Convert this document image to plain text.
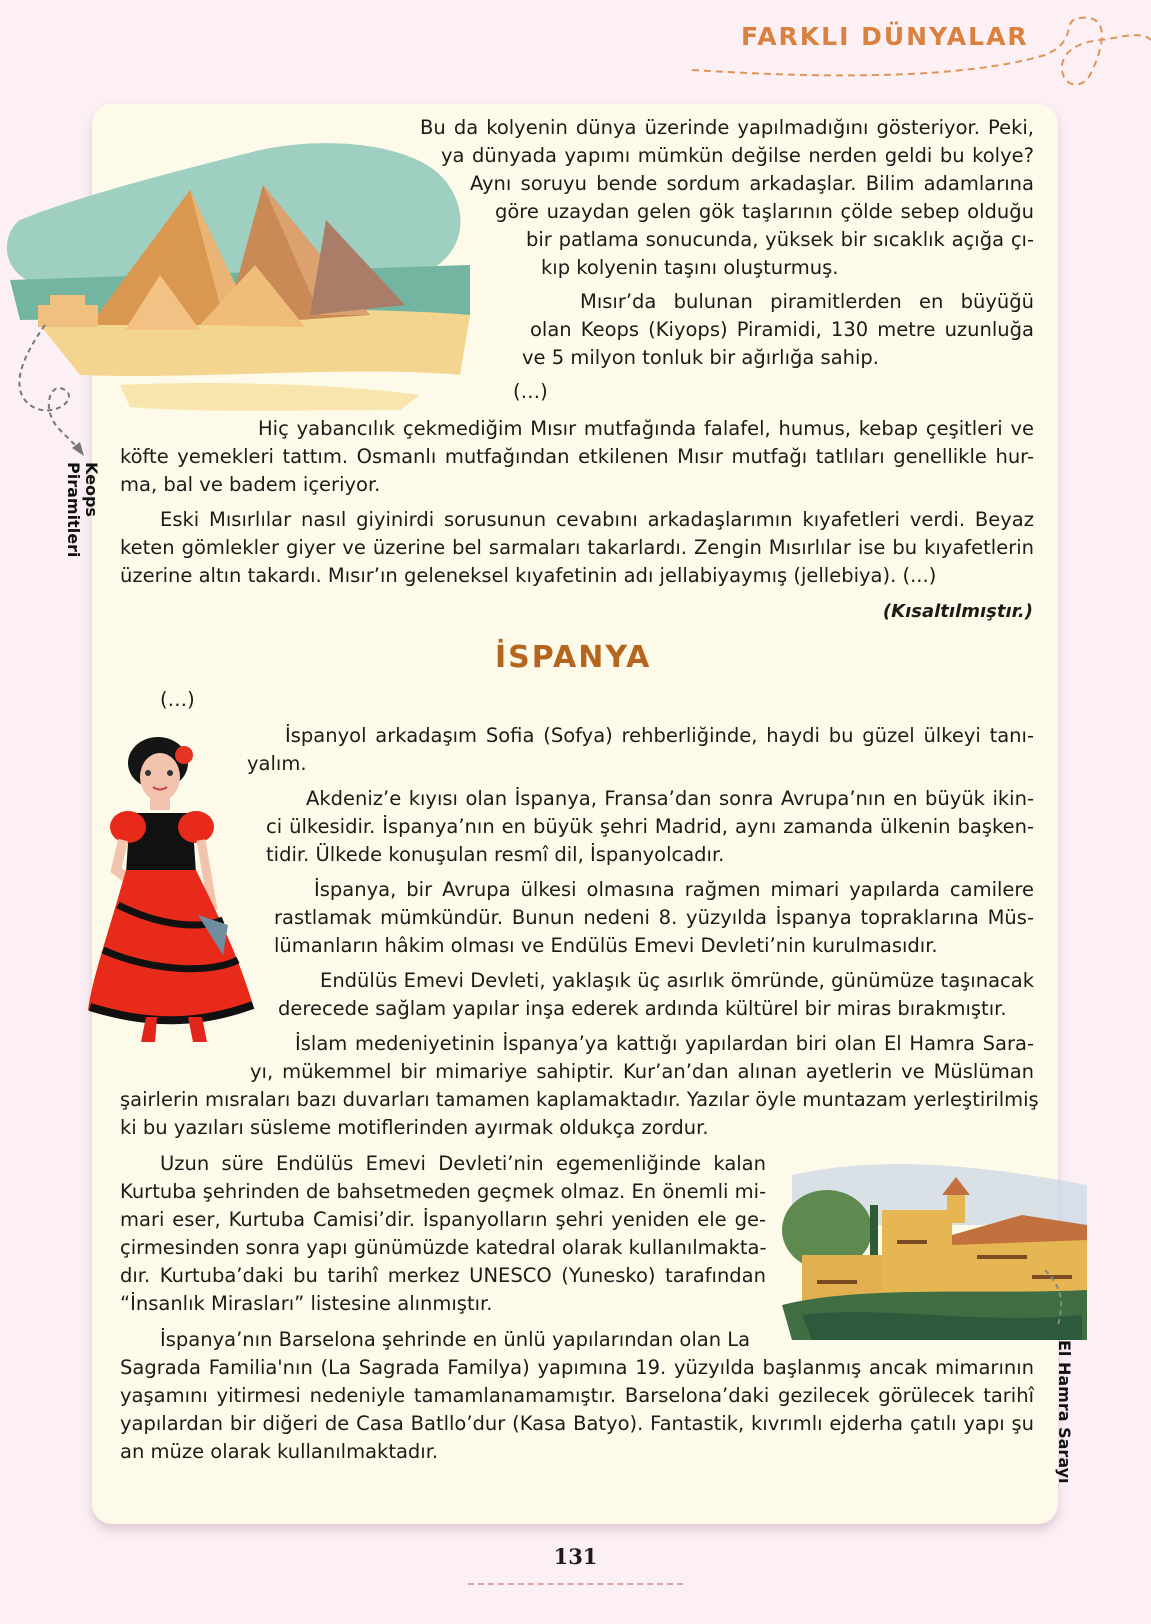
FARKLI DÜNYALAR
Keops
Piramitleri
Bu da kolyenin dünya üzerinde yapılmadığını gösteriyor. Peki,
ya dünyada yapımı mümkün değilse nerden geldi bu kolye?
Aynı soruyu bende sordum arkadaşlar. Bilim adamlarına
göre uzaydan gelen gök taşlarının çölde sebep olduğu
bir patlama sonucunda, yüksek bir sıcaklık açığa çı-
kıp kolyenin taşını oluşturmuş.
Mısır’da bulunan piramitlerden en büyüğü
olan Keops (Kiyops) Piramidi, 130 metre uzunluğa
ve 5 milyon tonluk bir ağırlığa sahip.
(…)
Hiç yabancılık çekmediğim Mısır mutfağında falafel, humus, kebap çeşitleri ve
köfte yemekleri tattım. Osmanlı mutfağından etkilenen Mısır mutfağı tatlıları genellikle hur-
ma, bal ve badem içeriyor.
Eski Mısırlılar nasıl giyinirdi sorusunun cevabını arkadaşlarımın kıyafetleri verdi. Beyaz
keten gömlekler giyer ve üzerine bel sarmaları takarlardı. Zengin Mısırlılar ise bu kıyafetlerin
üzerine altın takardı. Mısır’ın geleneksel kıyafetinin adı jellabiyaymış (jellebiya). (...)
(Kısaltılmıştır.)
İSPANYA
(…)
İspanyol arkadaşım Sofia (Sofya) rehberliğinde, haydi bu güzel ülkeyi tanı-
yalım.
Akdeniz’e kıyısı olan İspanya, Fransa’dan sonra Avrupa’nın en büyük ikin-
ci ülkesidir. İspanya’nın en büyük şehri Madrid, aynı zamanda ülkenin başken-
tidir. Ülkede konuşulan resmî dil, İspanyolcadır.
İspanya, bir Avrupa ülkesi olmasına rağmen mimari yapılarda camilere
rastlamak mümkündür. Bunun nedeni 8. yüzyılda İspanya topraklarına Müs-
lümanların hâkim olması ve Endülüs Emevi Devleti’nin kurulmasıdır.
Endülüs Emevi Devleti, yaklaşık üç asırlık ömründe, günümüze taşınacak
derecede sağlam yapılar inşa ederek ardında kültürel bir miras bırakmıştır.
İslam medeniyetinin İspanya’ya kattığı yapılardan biri olan El Hamra Sara-
yı, mükemmel bir mimariye sahiptir. Kur’an’dan alınan ayetlerin ve Müslüman
şairlerin mısraları bazı duvarları tamamen kaplamaktadır. Yazılar öyle muntazam yerleştirilmiş
ki bu yazıları süsleme motiflerinden ayırmak oldukça zordur.
Uzun süre Endülüs Emevi Devleti’nin egemenliğinde kalan
Kurtuba şehrinden de bahsetmeden geçmek olmaz. En önemli mi-
mari eser, Kurtuba Camisi’dir. İspanyolların şehri yeniden ele ge-
çirmesinden sonra yapı günümüzde katedral olarak kullanılmakta-
dır. Kurtuba’daki bu tarihî merkez UNESCO (Yunesko) tarafından
“İnsanlık Mirasları” listesine alınmıştır.
İspanya’nın Barselona şehrinde en ünlü yapılarından olan La
Sagrada Familia'nın (La Sagrada Familya) yapımına 19. yüzyılda başlanmış ancak mimarının
yaşamını yitirmesi nedeniyle tamamlanamamıştır. Barselona’daki gezilecek görülecek tarihî
yapılardan bir diğeri de Casa Batllo’dur (Kasa Batyo). Fantastik, kıvrımlı ejderha çatılı yapı şu
an müze olarak kullanılmaktadır.	El Hamra Sarayı
131
